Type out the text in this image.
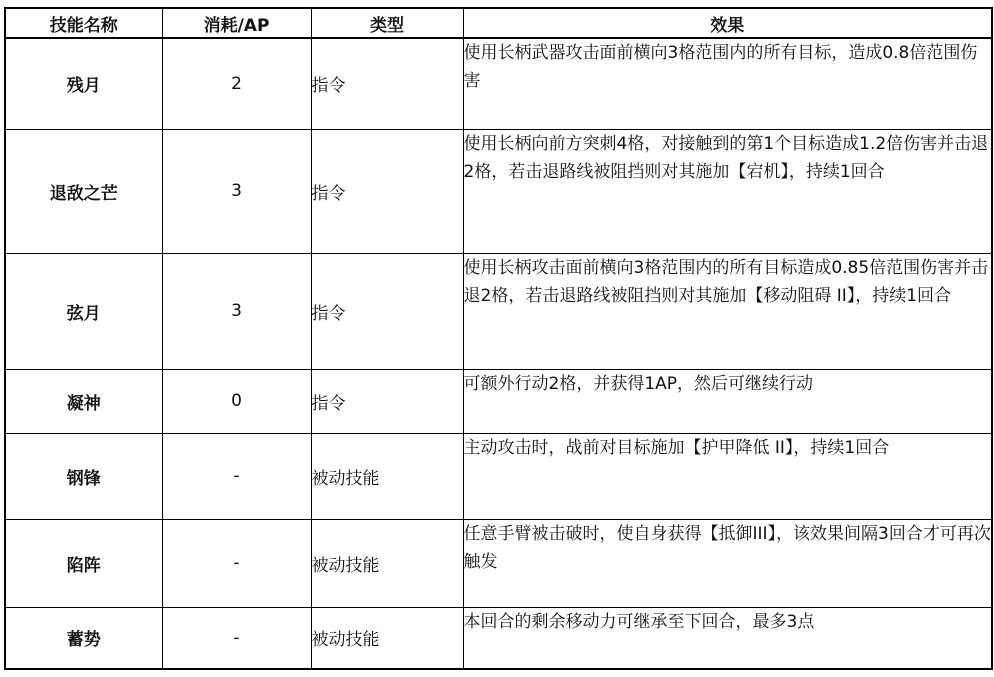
技能名称	消耗/AP	类型	效果
残月	2	指令	使用长柄武器攻击面前横向3格范围内的所有目标，造成0.8倍范围伤害
退敌之芒	3	指令	使用长柄向前方突刺4格，对接触到的第1个目标造成1.2倍伤害并击退2格，若击退路线被阻挡则对其施加【宕机】，持续1回合
弦月	3	指令	使用长柄攻击面前横向3格范围内的所有目标造成0.85倍范围伤害并击退2格，若击退路线被阻挡则对其施加【移动阻碍 II】，持续1回合
凝神	0	指令	可额外行动2格，并获得1AP，然后可继续行动
钢锋	-	被动技能	主动攻击时，战前对目标施加【护甲降低 II】，持续1回合
陷阵	-	被动技能	任意手臂被击破时，使自身获得【抵御III】，该效果间隔3回合才可再次触发
蓄势	-	被动技能	本回合的剩余移动力可继承至下回合，最多3点
